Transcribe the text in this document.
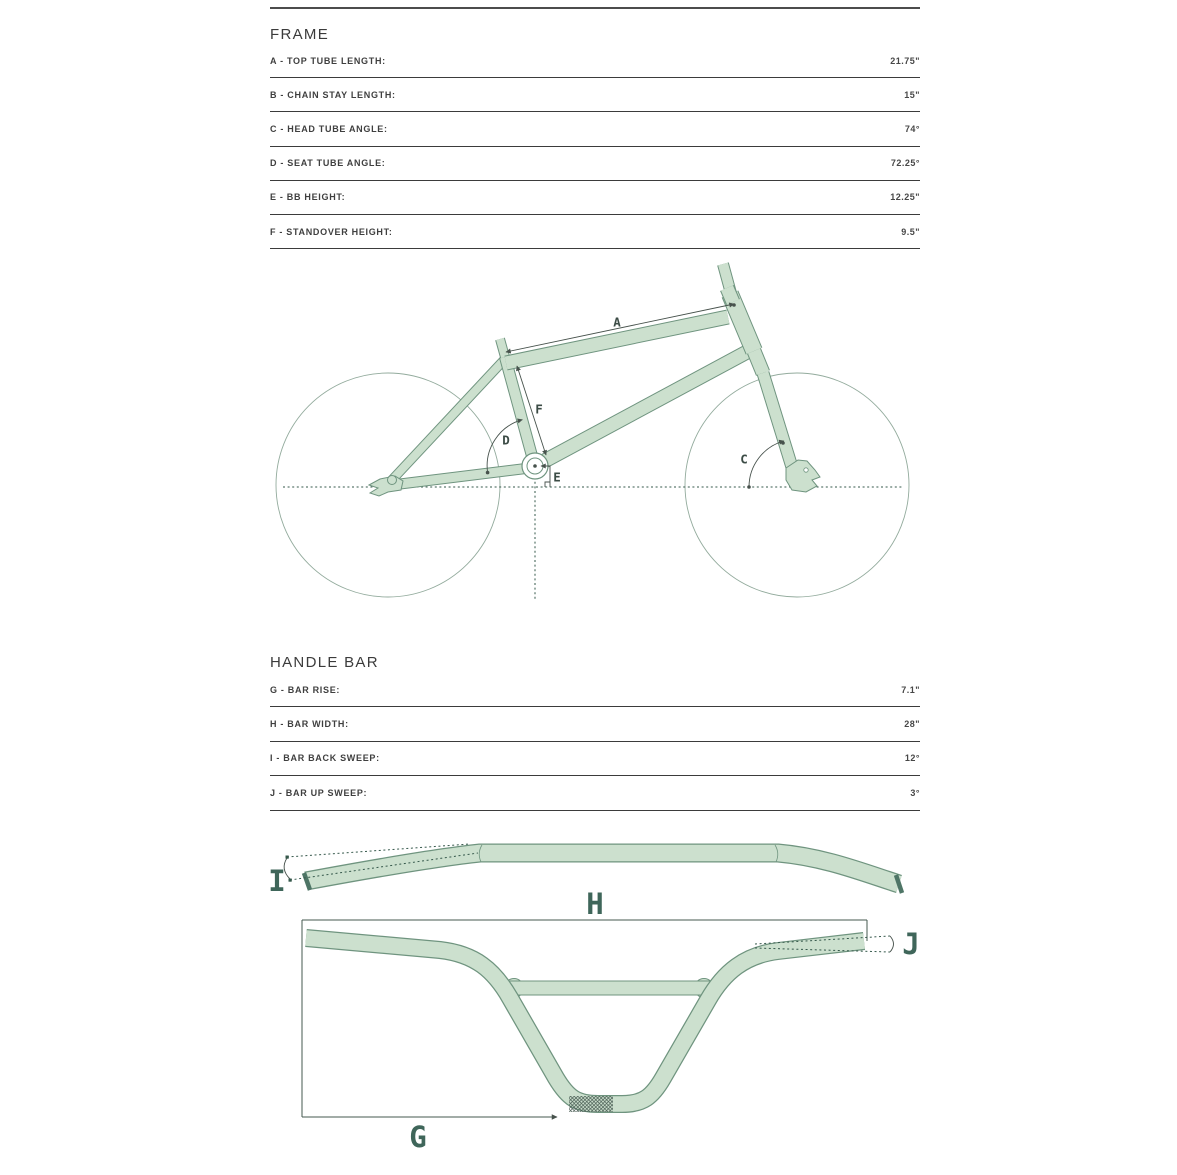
FRAME
A - TOP TUBE LENGTH:	21.75"
B - CHAIN STAY LENGTH:	15"
C - HEAD TUBE ANGLE:	74°
D - SEAT TUBE ANGLE:	72.25°
E - BB HEIGHT:	12.25"
F - STANDOVER HEIGHT:	9.5"
HANDLE BAR
G - BAR RISE:	7.1"
H - BAR WIDTH:	28"
I - BAR BACK SWEEP:	12°
J - BAR UP SWEEP:	3°
A
C
D
E
F
I
H
J
G
